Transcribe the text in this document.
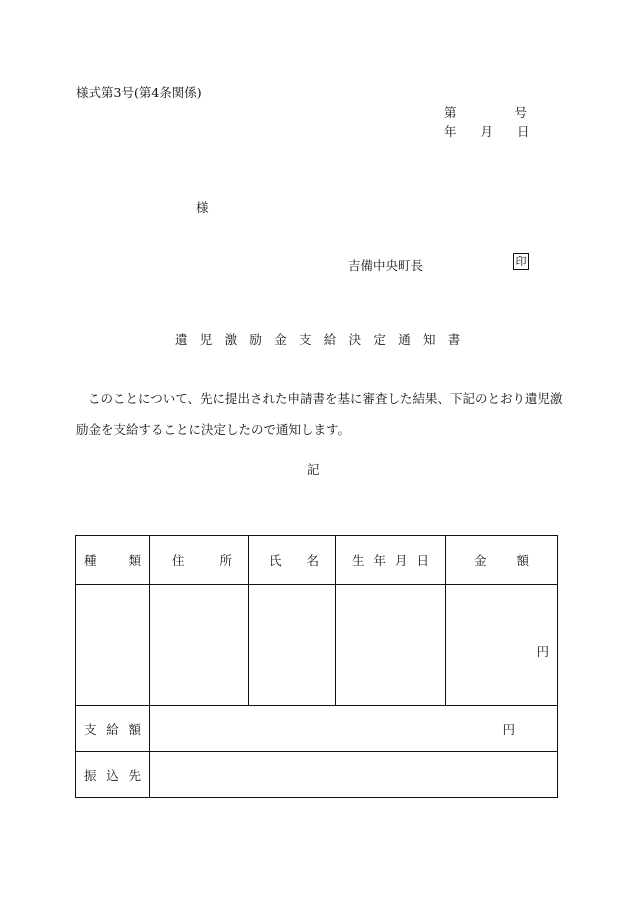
様式第3号(第4条関係)
第	号
年 月 日
様
吉備中央町長	印
遺児激励金支給決定通知書
このことについて、先に提出された申請書を基に審査した結果、下記のとおり遺児激励金を支給することに決定したので通知します。
記
種 類	住 所	氏 名	生 年 月 日	金 額

				円

支 給 額	円			

振 込 先				
